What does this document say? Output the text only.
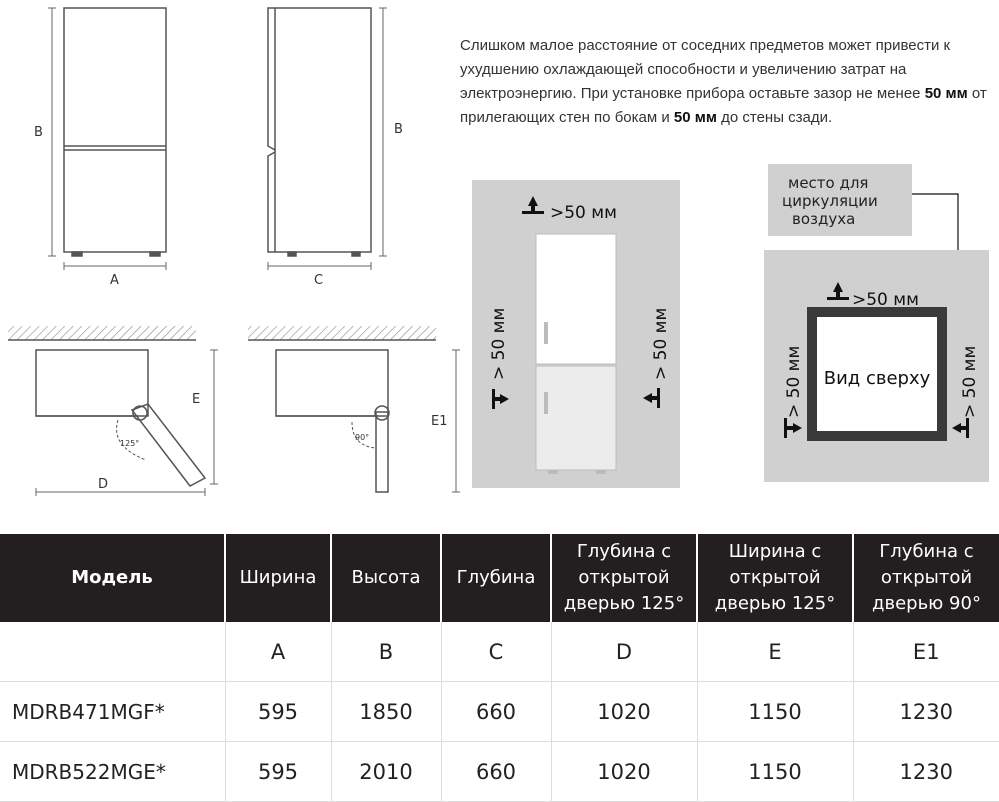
B
A
B
C
125°
D
E
90°
E1
>50 мм
> 50 мм	> 50 мм
место для
циркуляции
воздуха
Вид сверху
>50 мм
> 50 мм	> 50 мм
Слишком малое расстояние от соседних предметов может привести к ухудшению охлаждающей способности и увеличению затрат на электроэнергию. При установке прибора оставьте зазор не менее 50 мм от прилегающих стен по бокам и 50 мм до стены сзади.
Модель	Ширина	Высота	Глубина	Глубина с
открытой
дверью 125°	Ширина с
открытой
дверью 125°	Глубина с
открытой
дверью 90°
	A	B	C	D	E	E1
MDRB471MGF*	595	1850	660	1020	1150	1230
MDRB522MGE*	595	2010	660	1020	1150	1230
